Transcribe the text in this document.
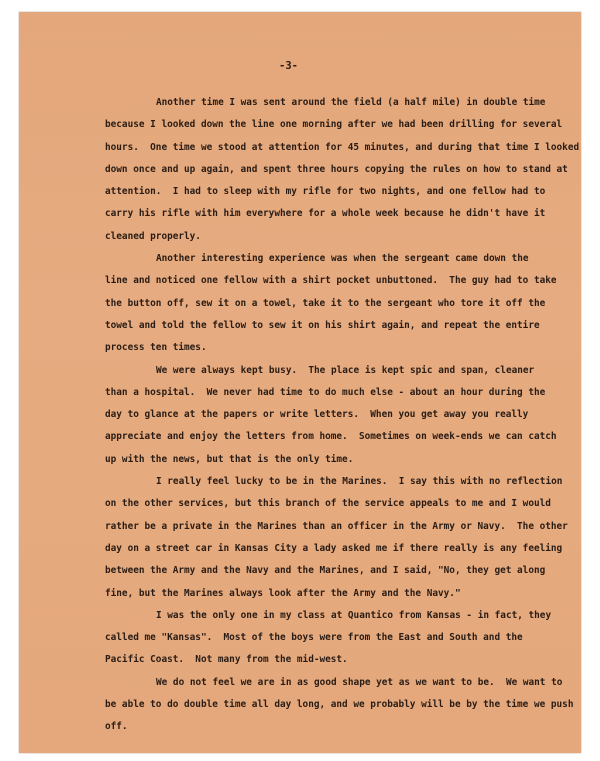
-3-
Another time I was sent around the field (a half mile) in double time
because I looked down the line one morning after we had been drilling for several
hours.  One time we stood at attention for 45 minutes, and during that time I looked
down once and up again, and spent three hours copying the rules on how to stand at
attention.  I had to sleep with my rifle for two nights, and one fellow had to
carry his rifle with him everywhere for a whole week because he didn't have it
cleaned properly.
Another interesting experience was when the sergeant came down the
line and noticed one fellow with a shirt pocket unbuttoned.  The guy had to take
the button off, sew it on a towel, take it to the sergeant who tore it off the
towel and told the fellow to sew it on his shirt again, and repeat the entire
process ten times.
We were always kept busy.  The place is kept spic and span, cleaner
than a hospital.  We never had time to do much else - about an hour during the
day to glance at the papers or write letters.  When you get away you really
appreciate and enjoy the letters from home.  Sometimes on week-ends we can catch
up with the news, but that is the only time.
I really feel lucky to be in the Marines.  I say this with no reflection
on the other services, but this branch of the service appeals to me and I would
rather be a private in the Marines than an officer in the Army or Navy.  The other
day on a street car in Kansas City a lady asked me if there really is any feeling
between the Army and the Navy and the Marines, and I said, "No, they get along
fine, but the Marines always look after the Army and the Navy."
I was the only one in my class at Quantico from Kansas - in fact, they
called me "Kansas".  Most of the boys were from the East and South and the
Pacific Coast.  Not many from the mid-west.
We do not feel we are in as good shape yet as we want to be.  We want to
be able to do double time all day long, and we probably will be by the time we push
off.
